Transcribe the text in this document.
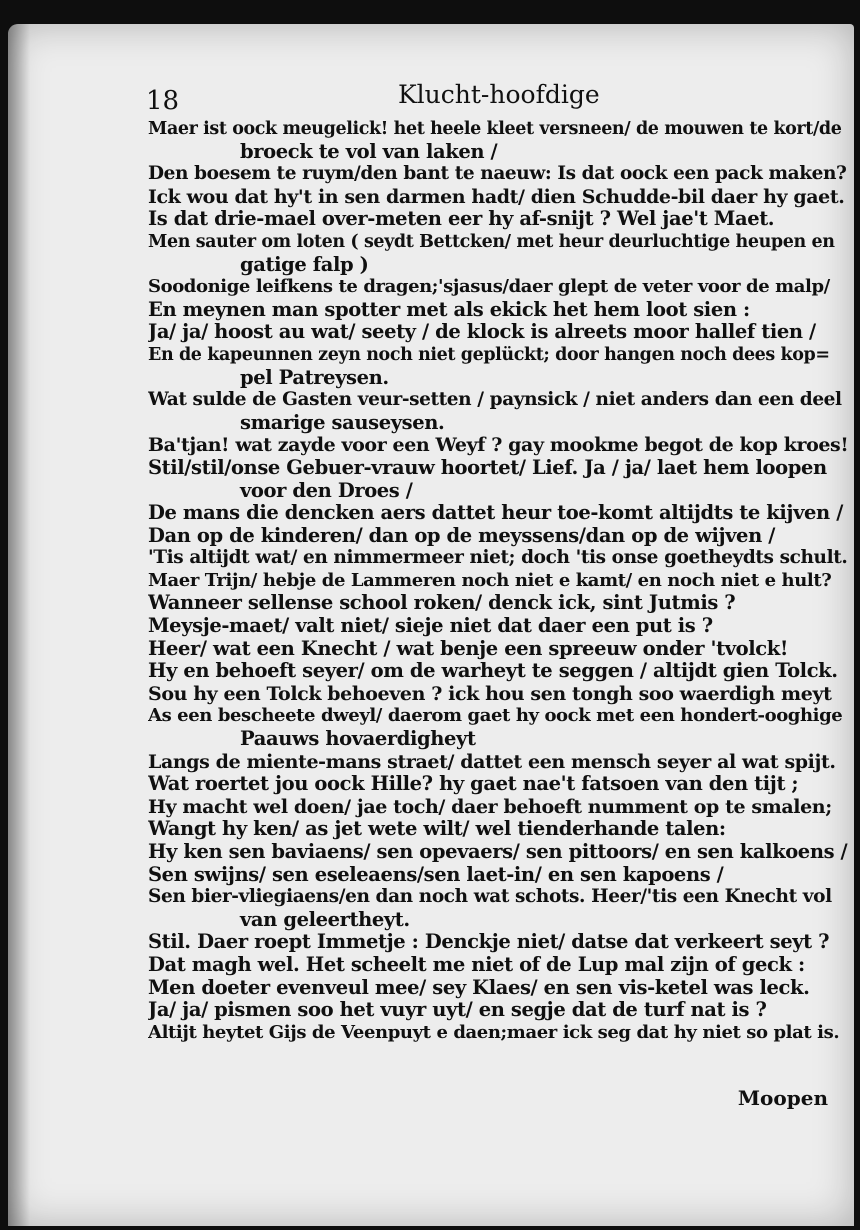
18	Klucht-hoofdige
Maer ist oock meugelick! het heele kleet versneen/ de mouwen te kort/de
broeck te vol van laken /
Den boesem te ruym/den bant te naeuw: Is dat oock een pack maken?
Ick wou dat hy't in sen darmen hadt/ dien Schudde-bil daer hy gaet.
Is dat drie-mael over-meten eer hy af-snijt ? Wel jae't Maet.
Men sauter om loten ( seydt Bettcken/ met heur deurluchtige heupen en
gatige falp )
Soodonige leifkens te dragen;'sjasus/daer glept de veter voor de malp/
En meynen man spotter met als ekick het hem loot sien :
Ja/ ja/ hoost au wat/ seety / de klock is alreets moor hallef tien /
En de kapeunnen zeyn noch niet geplückt; door hangen noch dees kop=
pel Patreysen.
Wat sulde de Gasten veur-setten / paynsick / niet anders dan een deel
smarige sauseysen.
Ba'tjan! wat zayde voor een Weyf ? gay mookme begot de kop kroes!
Stil/stil/onse Gebuer-vrauw hoortet/ Lief. Ja / ja/ laet hem loopen
voor den Droes /
De mans die dencken aers dattet heur toe-komt altijdts te kijven /
Dan op de kinderen/ dan op de meyssens/dan op de wijven /
'Tis altijdt wat/ en nimmermeer niet; doch 'tis onse goetheydts schult.
Maer Trijn/ hebje de Lammeren noch niet e kamt/ en noch niet e hult?
Wanneer sellense school roken/ denck ick, sint Jutmis ?
Meysje-maet/ valt niet/ sieje niet dat daer een put is ?
Heer/ wat een Knecht / wat benje een spreeuw onder 'tvolck!
Hy en behoeft seyer/ om de warheyt te seggen / altijdt gien Tolck.
Sou hy een Tolck behoeven ? ick hou sen tongh soo waerdigh meyt
As een bescheete dweyl/ daerom gaet hy oock met een hondert-ooghige
Paauws hovaerdigheyt
Langs de miente-mans straet/ dattet een mensch seyer al wat spijt.
Wat roertet jou oock Hille? hy gaet nae't fatsoen van den tijt ;
Hy macht wel doen/ jae toch/ daer behoeft numment op te smalen;
Wangt hy ken/ as jet wete wilt/ wel tienderhande talen:
Hy ken sen baviaens/ sen opevaers/ sen pittoors/ en sen kalkoens /
Sen swijns/ sen eseleaens/sen laet-in/ en sen kapoens /
Sen bier-vliegiaens/en dan noch wat schots. Heer/'tis een Knecht vol
van geleertheyt.
Stil. Daer roept Immetje : Denckje niet/ datse dat verkeert seyt ?
Dat magh wel. Het scheelt me niet of de Lup mal zijn of geck :
Men doeter evenveul mee/ sey Klaes/ en sen vis-ketel was leck.
Ja/ ja/ pismen soo het vuyr uyt/ en segje dat de turf nat is ?
Altijt heytet Gijs de Veenpuyt e daen;maer ick seg dat hy niet so plat is.
Moopen
